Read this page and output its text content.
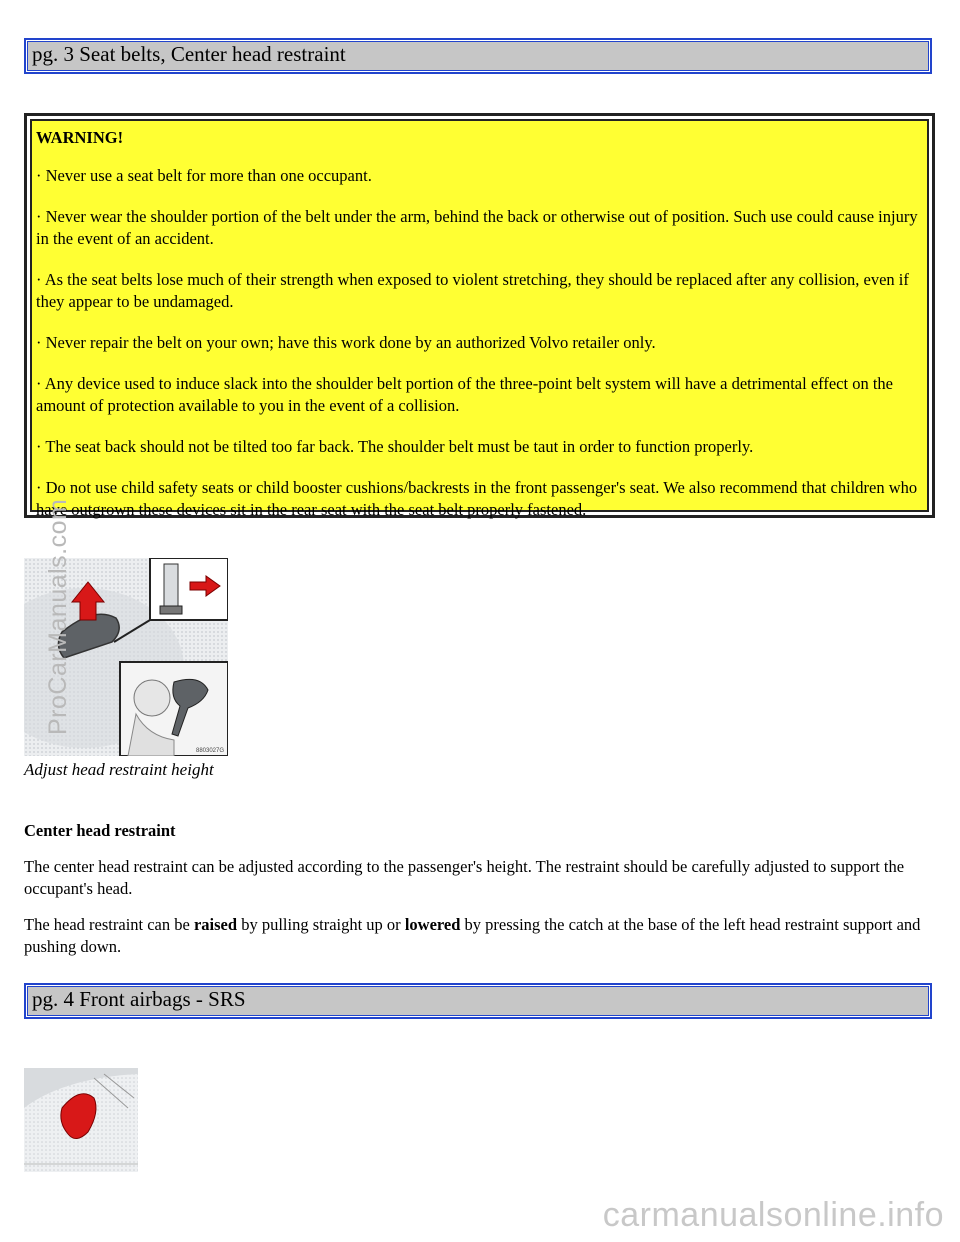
pg. 3 Seat belts, Center head restraint

WARNING!

· Never use a seat belt for more than one occupant.

· Never wear the shoulder portion of the belt under the arm, behind the back or otherwise out of position. Such use could cause injury in the event of an accident.

· As the seat belts lose much of their strength when exposed to violent stretching, they should be replaced after any collision, even if they appear to be undamaged.

· Never repair the belt on your own; have this work done by an authorized Volvo retailer only.

· Any device used to induce slack into the shoulder belt portion of the three-point belt system will have a detrimental effect on the amount of protection available to you in the event of a collision.

· The seat back should not be tilted too far back. The shoulder belt must be taut in order to function properly.

· Do not use child safety seats or child booster cushions/backrests in the front passenger's seat. We also recommend that children who have outgrown these devices sit in the rear seat with the seat belt properly fastened.

8803027G
Adjust head restraint height

Center head restraint

The center head restraint can be adjusted according to the passenger's height. The restraint should be carefully adjusted to support the occupant's head.

The head restraint can be raised by pulling straight up or lowered by pressing the catch at the base of the left head restraint support and pushing down.

pg. 4 Front airbags - SRS
ProCarManuals.com
carmanualsonline.info
